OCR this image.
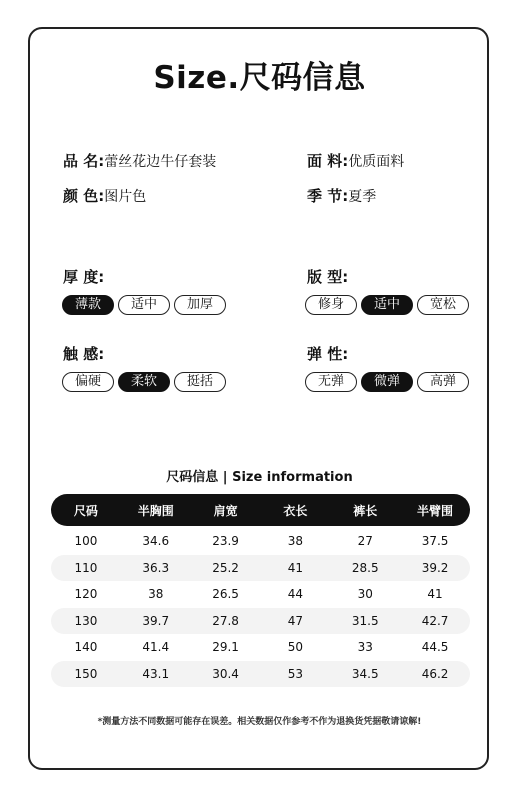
Size.尺码信息
品 名:蕾丝花边牛仔套装	面 料:优质面料
颜 色:图片色	季 节:夏季
厚 度:
薄款	适中	加厚
版 型:
修身	适中	宽松
触 感:
偏硬	柔软	挺括
弹 性:
无弹	微弹	高弹
尺码信息 | Size information
尺码	半胸围	肩宽	衣长	裤长	半臂围
100	34.6	23.9	38	27	37.5
110	36.3	25.2	41	28.5	39.2
120	38	26.5	44	30	41
130	39.7	27.8	47	31.5	42.7
140	41.4	29.1	50	33	44.5
150	43.1	30.4	53	34.5	46.2
*测量方法不同数据可能存在误差。相关数据仅作参考不作为退换货凭据敬请谅解!
